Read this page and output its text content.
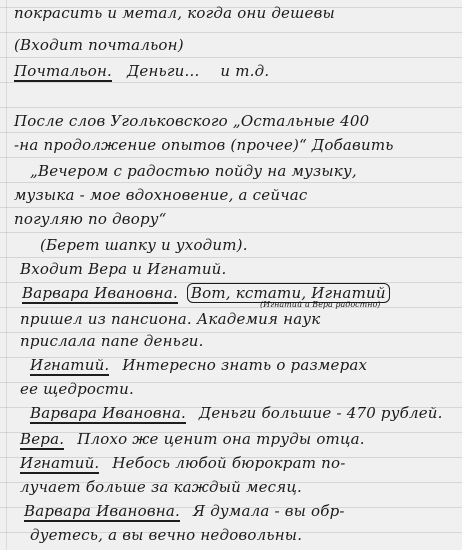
покрасить и метал, когда они дешевы
(Входит почтальон)
Почтальон. Деньги... и т.д.
После слов Угольковского „Остальные 400
-на продолжение опытов (прочее)“ Добавить
„Вечером с радостью пойду на музыку,
музыка - мое вдохновение, а сейчас
погуляю по двору“
(Берет шапку и уходит).
Входит Вера и Игнатий.
Варвара Ивановна. Вот, кстати, Игнатий
(Игнатий и Вера радостно)
пришел из пансиона. Академия наук
прислала папе деньги.
Игнатий. Интересно знать о размерах
ее щедрости.
Варвара Ивановна. Деньги большие - 470 рублей.
Вера. Плохо же ценит она труды отца.
Игнатий. Небось любой бюрократ по-
лучает больше за каждый месяц.
Варвара Ивановна. Я думала - вы обр-
дуетесь, а вы вечно недовольны.
